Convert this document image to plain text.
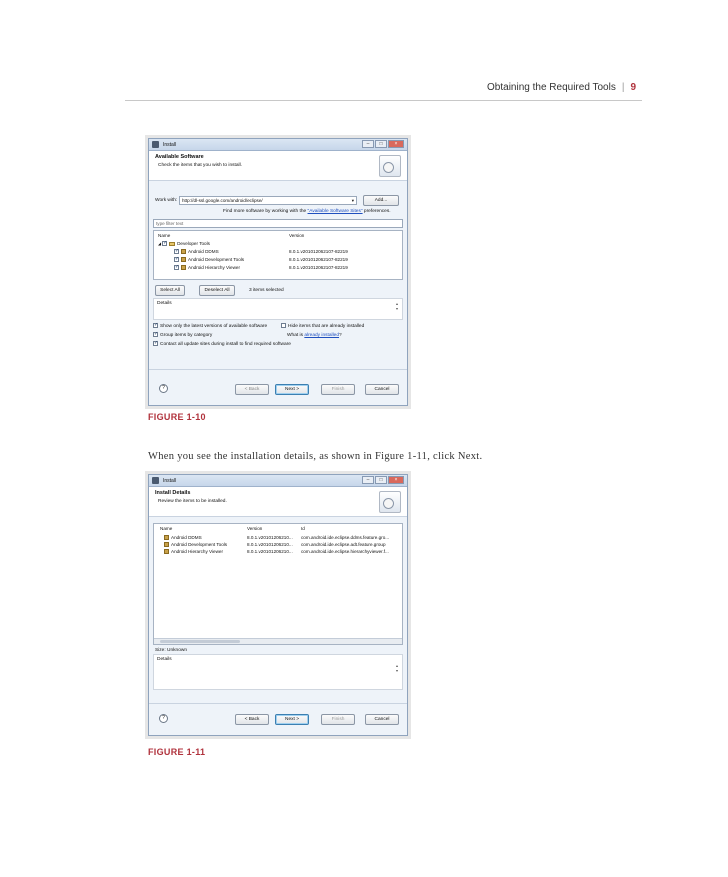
Obtaining the Required Tools | 9
Install	–	□	×
Available Software
Check the items that you wish to install.
Work with:	http://dl-ssl.google.com/android/eclipse/	▾	Add...
Find more software by working with the "Available Software Sites" preferences.
type filter text
Name	Version
◢✓	Developer Tools
✓Android DDMS	8.0.1.v201012062107-82219
✓Android Development Tools	8.0.1.v201012062107-82219
✓Android Hierarchy Viewer	8.0.1.v201012062107-82219
Select All	Deselect All	3 items selected
Details	▴
▾
✓Show only the latest versions of available software	Hide items that are already installed
✓Group items by category	What is already installed?
✓Contact all update sites during install to find required software
?	< Back	Next >	Finish	Cancel
FIGURE 1-10
When you see the installation details, as shown in Figure 1-11, click Next.
Install	–	□	×
Install Details
Review the items to be installed.
Name	Version	Id
Android DDMS	8.0.1.v20101206210... com.android.ide.eclipse.ddms.feature.gro...
Android Development Tools	8.0.1.v20101206210... com.android.ide.eclipse.adt.feature.group
Android Hierarchy Viewer	8.0.1.v20101206210... com.android.ide.eclipse.hierarchyviewer.f...
Size: Unknown
Details
▴
▾
?	< Back	Next >	Finish	Cancel
FIGURE 1-11
